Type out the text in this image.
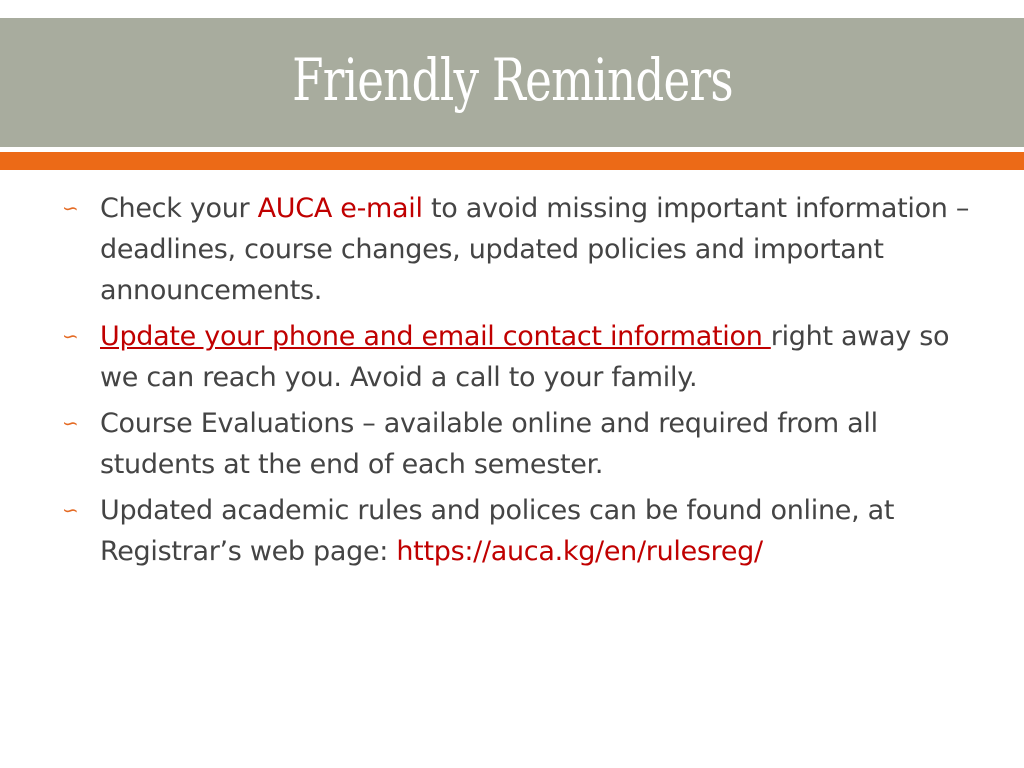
Friendly Reminders
∽ Check your AUCA e-mail to avoid missing important information – deadlines, course changes, updated policies and important announcements.
∽ Update your phone and email contact information right away so we can reach you. Avoid a call to your family.
∽ Course Evaluations – available online and required from all students at the end of each semester.
∽ Updated academic rules and polices can be found online, at Registrar’s web page: https://auca.kg/en/rulesreg/
